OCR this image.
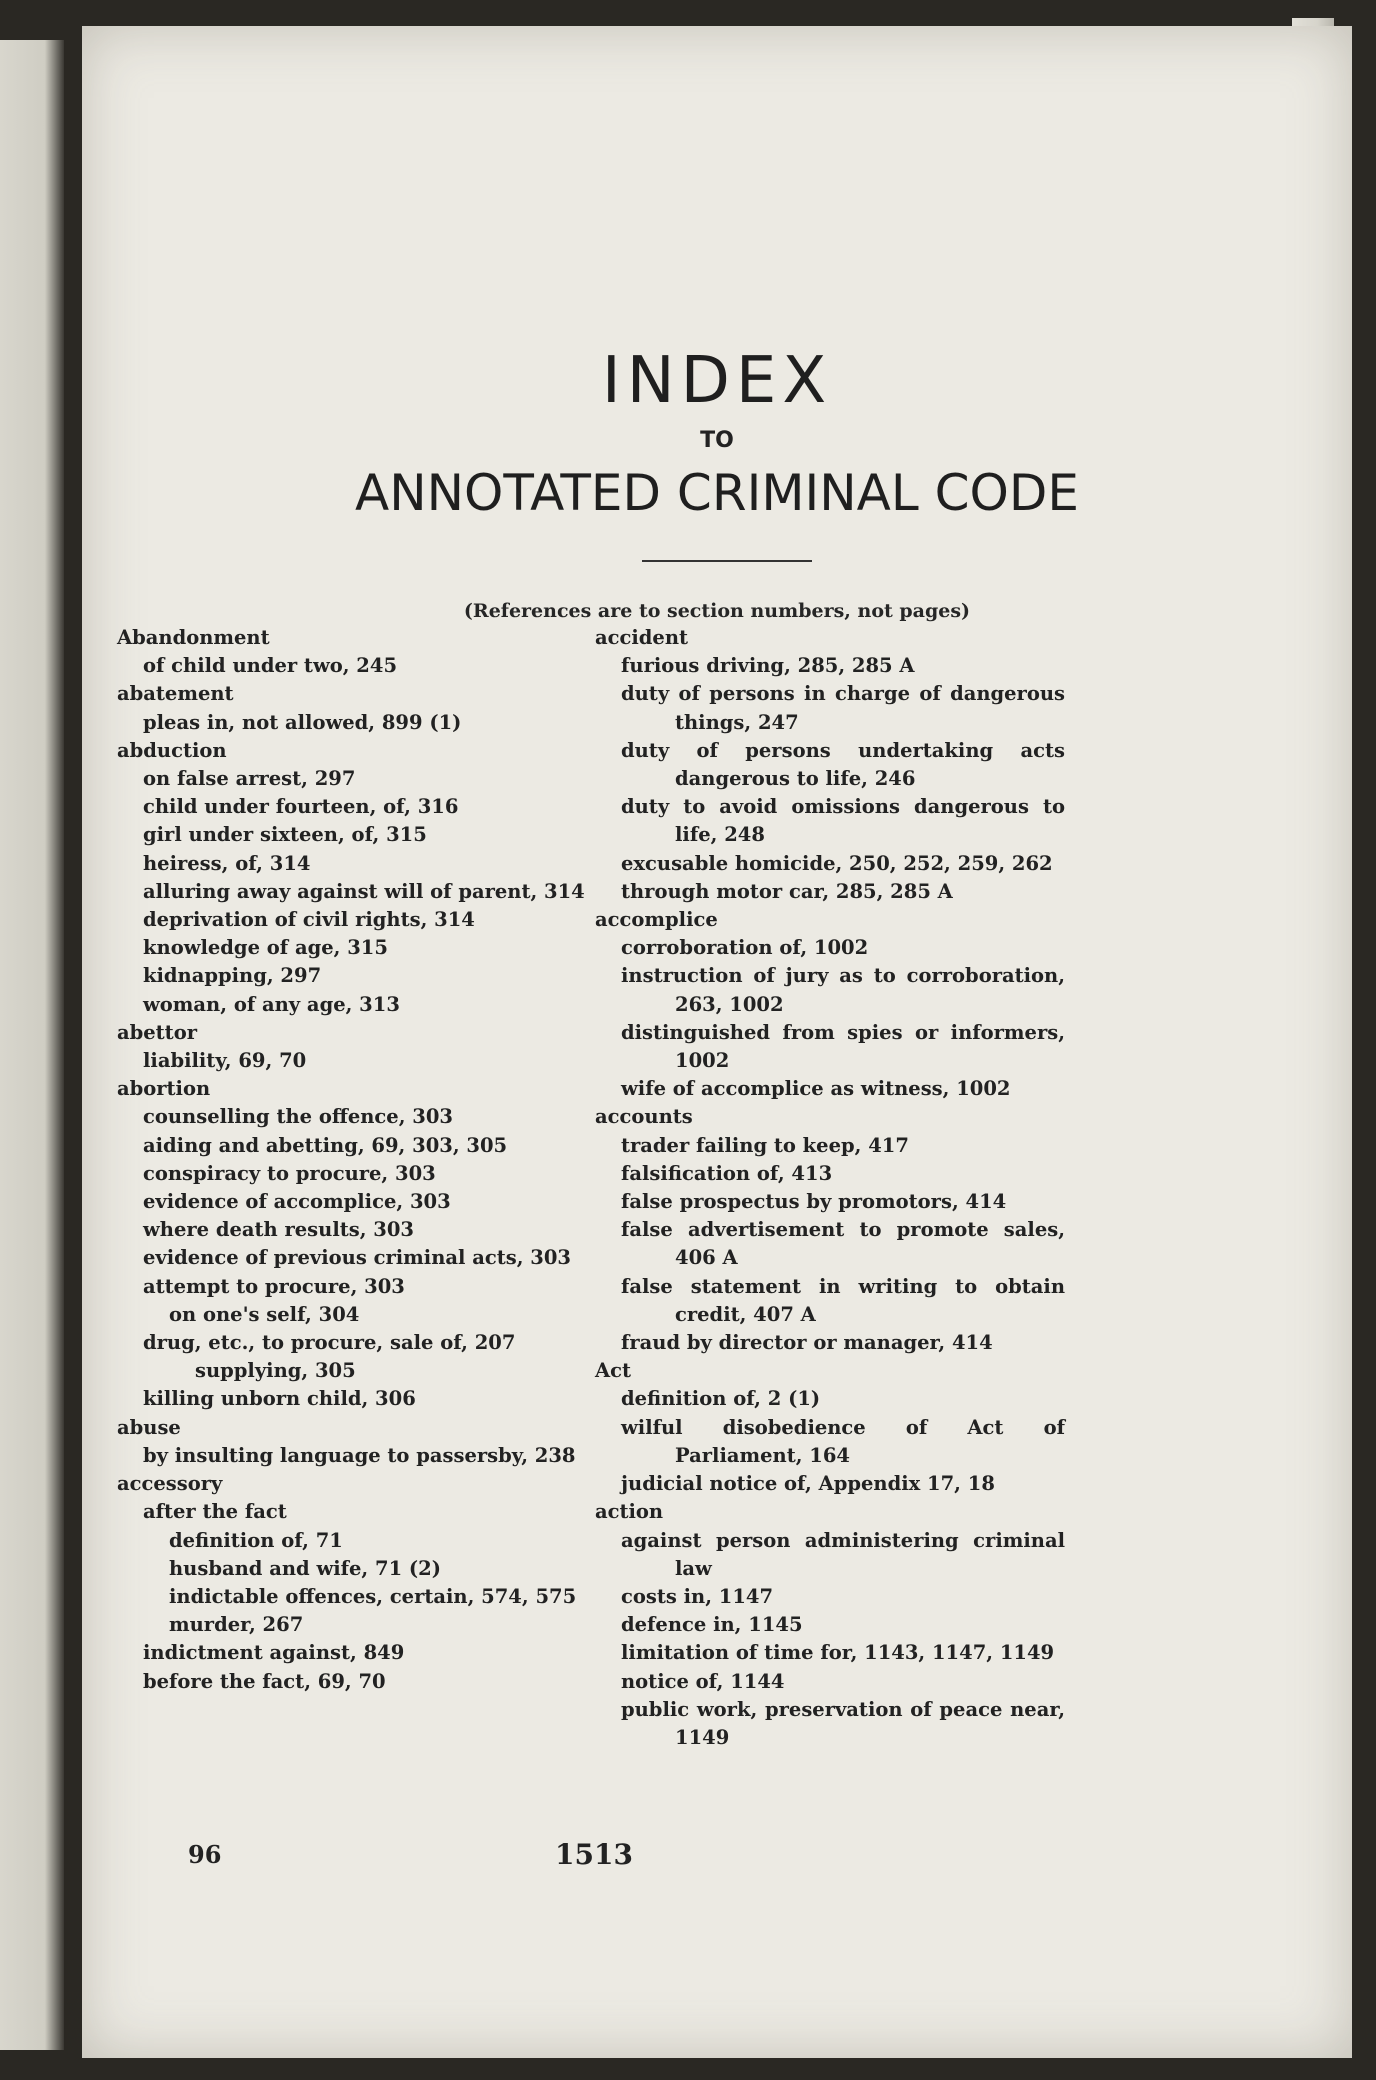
INDEX
TO
ANNOTATED CRIMINAL CODE
(References are to section numbers, not pages)
Abandonment
of child under two, 245
abatement
pleas in, not allowed, 899 (1)
abduction
on false arrest, 297
child under fourteen, of, 316
girl under sixteen, of, 315
heiress, of, 314
alluring away against will of parent, 314
deprivation of civil rights, 314
knowledge of age, 315
kidnapping, 297
woman, of any age, 313
abettor
liability, 69, 70
abortion
counselling the offence, 303
aiding and abetting, 69, 303, 305
conspiracy to procure, 303
evidence of accomplice, 303
where death results, 303
evidence of previous criminal acts, 303
attempt to procure, 303
on one's self, 304
drug, etc., to procure, sale of, 207
supplying, 305
killing unborn child, 306
abuse
by insulting language to passersby, 238
accessory
after the fact
definition of, 71
husband and wife, 71 (2)
indictable offences, certain, 574, 575
murder, 267
indictment against, 849
before the fact, 69, 70
accident
furious driving, 285, 285 A
duty of persons in charge of dangerous things, 247
duty of persons undertaking acts dangerous to life, 246
duty to avoid omissions dangerous to life, 248
excusable homicide, 250, 252, 259, 262
through motor car, 285, 285 A
accomplice
corroboration of, 1002
instruction of jury as to corroboration, 263, 1002
distinguished from spies or informers, 1002
wife of accomplice as witness, 1002
accounts
trader failing to keep, 417
falsification of, 413
false prospectus by promotors, 414
false advertisement to promote sales, 406 A
false statement in writing to obtain credit, 407 A
fraud by director or manager, 414
Act
definition of, 2 (1)
wilful disobedience of Act of Parliament, 164
judicial notice of, Appendix 17, 18
action
against person administering criminal law
costs in, 1147
defence in, 1145
limitation of time for, 1143, 1147, 1149
notice of, 1144
public work, preservation of peace near, 1149
96	1513
